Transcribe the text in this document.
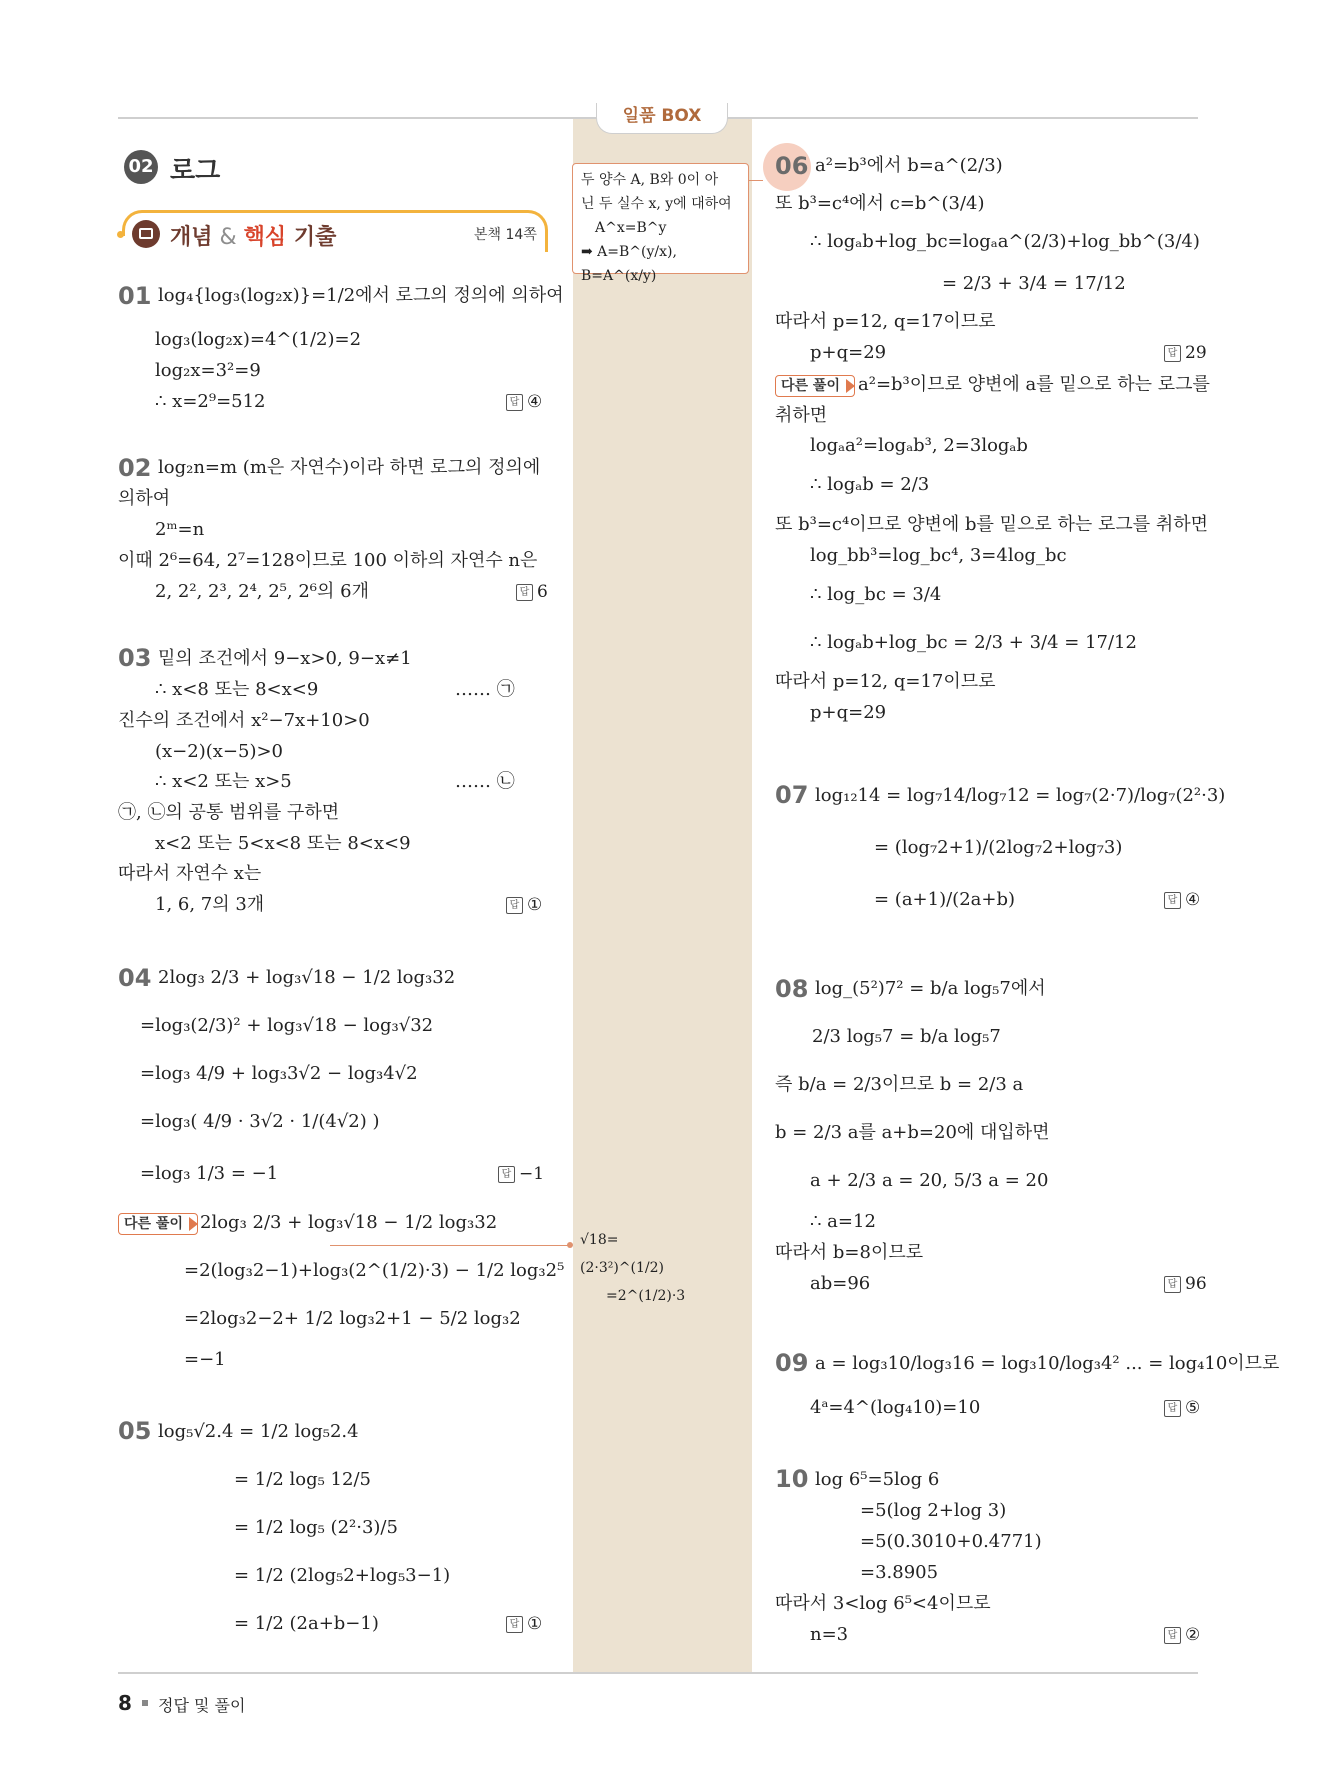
일품 BOX
02 로그
개념 & 핵심 기출	본책 14쪽
두 양수 A, B와 0이 아
닌 두 실수 x, y에 대하여
A^x=B^y
➡ A=B^(y/x), B=A^(x/y)
√18=(2·3²)^(1/2)
=2^(1/2)·3
01 log₄{log₃(log₂x)}=1/2에서 로그의 정의에 의하여
log₃(log₂x)=4^(1/2)=2
log₂x=3²=9
∴ x=2⁹=512	답 ④
02 log₂n=m (m은 자연수)이라 하면 로그의 정의에
의하여
2ᵐ=n
이때 2⁶=64, 2⁷=128이므로 100 이하의 자연수 n은
2, 2², 2³, 2⁴, 2⁵, 2⁶의 6개	답 6
03 밑의 조건에서 9−x>0, 9−x≠1
∴ x<8 또는 8<x<9	…… ㉠
진수의 조건에서 x²−7x+10>0
(x−2)(x−5)>0
∴ x<2 또는 x>5	…… ㉡
㉠, ㉡의 공통 범위를 구하면
x<2 또는 5<x<8 또는 8<x<9
따라서 자연수 x는
1, 6, 7의 3개	답 ①
04 2log₃ 2/3 + log₃√18 − 1/2 log₃32
=log₃(2/3)² + log₃√18 − log₃√32
=log₃ 4/9 + log₃3√2 − log₃4√2
=log₃( 4/9 · 3√2 · 1/(4√2) )
=log₃ 1/3 = −1	답 −1
다른 풀이 2log₃ 2/3 + log₃√18 − 1/2 log₃32
=2(log₃2−1)+log₃(2^(1/2)·3) − 1/2 log₃2⁵
=2log₃2−2+ 1/2 log₃2+1 − 5/2 log₃2
=−1
05 log₅√2.4 = 1/2 log₅2.4
= 1/2 log₅ 12/5
= 1/2 log₅ (2²·3)/5
= 1/2 (2log₅2+log₅3−1)
= 1/2 (2a+b−1)	답 ①
06 a²=b³에서 b=a^(2/3)
또 b³=c⁴에서 c=b^(3/4)
∴ logₐb+log_bc=logₐa^(2/3)+log_bb^(3/4)
= 2/3 + 3/4 = 17/12
따라서 p=12, q=17이므로
p+q=29	답 29
다른 풀이	a²=b³이므로 양변에 a를 밑으로 하는 로그를
취하면
logₐa²=logₐb³, 2=3logₐb
∴ logₐb = 2/3
또 b³=c⁴이므로 양변에 b를 밑으로 하는 로그를 취하면
log_bb³=log_bc⁴, 3=4log_bc
∴ log_bc = 3/4
∴ logₐb+log_bc = 2/3 + 3/4 = 17/12
따라서 p=12, q=17이므로
p+q=29
07 log₁₂14 = log₇14/log₇12 = log₇(2·7)/log₇(2²·3)
= (log₇2+1)/(2log₇2+log₇3)
= (a+1)/(2a+b)	답 ④
08 log_(5²)7² = b/a log₅7에서
2/3 log₅7 = b/a log₅7
즉 b/a = 2/3이므로 b = 2/3 a
b = 2/3 a를 a+b=20에 대입하면
a + 2/3 a = 20, 5/3 a = 20
∴ a=12
따라서 b=8이므로
ab=96	답 96
09 a = log₃10/log₃16 = log₃10/log₃4² ... = log₄10이므로
4ᵃ=4^(log₄10)=10	답 ⑤
10 log 6⁵=5log 6
=5(log 2+log 3)
=5(0.3010+0.4771)
=3.8905
따라서 3<log 6⁵<4이므로
n=3	답 ②
8 정답 및 풀이
